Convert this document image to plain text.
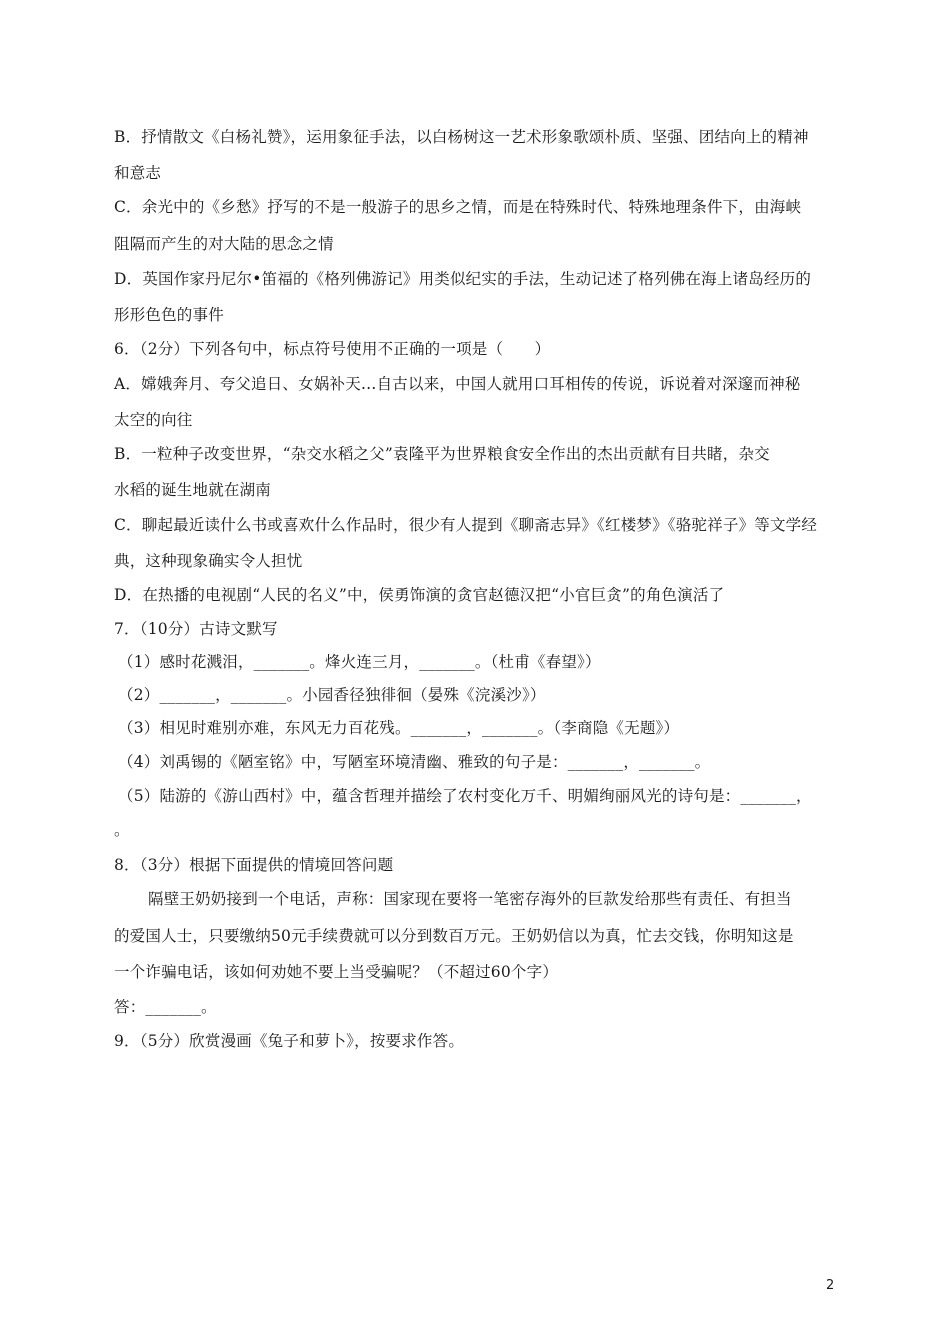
B．抒情散文《白杨礼赞》，运用象征手法，以白杨树这一艺术形象歌颂朴质、坚强、团结向上的精神
和意志
C．余光中的《乡愁》抒写的不是一般游子的思乡之情，而是在特殊时代、特殊地理条件下，由海峡
阻隔而产生的对大陆的思念之情
D．英国作家丹尼尔•笛福的《格列佛游记》用类似纪实的手法，生动记述了格列佛在海上诸岛经历的
形形色色的事件
6．（2分）下列各句中，标点符号使用不正确的一项是（　　）
A．嫦娥奔月、夸父追日、女娲补天…自古以来，中国人就用口耳相传的传说，诉说着对深邃而神秘
太空的向往
B．一粒种子改变世界，“杂交水稻之父”袁隆平为世界粮食安全作出的杰出贡献有目共睹，杂交
水稻的诞生地就在湖南
C．聊起最近读什么书或喜欢什么作品时，很少有人提到《聊斋志异》《红楼梦》《骆驼祥子》等文学经
典，这种现象确实令人担忧
D．在热播的电视剧“人民的名义”中，侯勇饰演的贪官赵德汉把“小官巨贪”的角色演活了
7．（10分）古诗文默写
（1）感时花溅泪，_______。烽火连三月，_______。（杜甫《春望》）
（2）_______，_______。小园香径独徘徊（晏殊《浣溪沙》）
（3）相见时难别亦难，东风无力百花残。_______，_______。（李商隐《无题》）
（4）刘禹锡的《陋室铭》中，写陋室环境清幽、雅致的句子是：_______，_______。
（5）陆游的《游山西村》中，蕴含哲理并描绘了农村变化万千、明媚绚丽风光的诗句是：_______，
。
8．（3分）根据下面提供的情境回答问题
隔壁王奶奶接到一个电话，声称：国家现在要将一笔密存海外的巨款发给那些有责任、有担当
的爱国人士，只要缴纳50元手续费就可以分到数百万元。王奶奶信以为真，忙去交钱，你明知这是
一个诈骗电话，该如何劝她不要上当受骗呢？（不超过60个字）
答：_______。
9．（5分）欣赏漫画《兔子和萝卜》，按要求作答。
2
